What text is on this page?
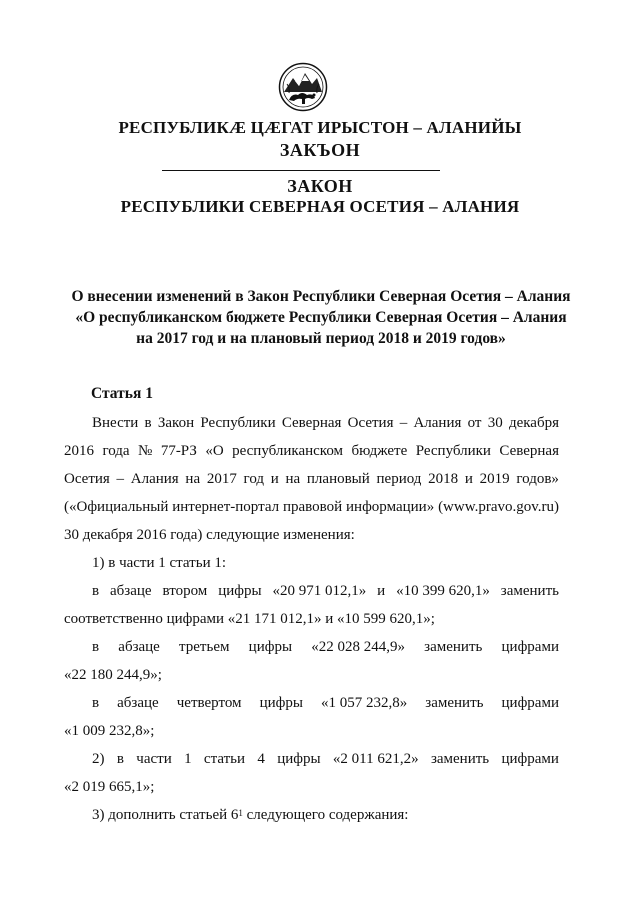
РЕСПУБЛИКÆ ЦÆГАТ ИРЫСТОН – АЛАНИЙЫ
ЗАКЪОН
ЗАКОН
РЕСПУБЛИКИ СЕВЕРНАЯ ОСЕТИЯ – АЛАНИЯ
О внесении изменений в Закон Республики Северная Осетия – Алания
«О республиканском бюджете Республики Северная Осетия – Алания
на 2017 год и на плановый период 2018 и 2019 годов»
Статья 1
Внести в Закон Республики Северная Осетия – Алания от 30 декабря
2016 года № 77-РЗ «О республиканском бюджете Республики Северная
Осетия – Алания на 2017 год и на плановый период 2018 и 2019 годов»
(«Официальный интернет-портал правовой информации» (www.pravo.gov.ru)
30 декабря 2016 года) следующие изменения:
1) в части 1 статьи 1:
в абзаце втором цифры «20 971 012,1» и «10 399 620,1» заменить
соответственно цифрами «21 171 012,1» и «10 599 620,1»;
в абзаце третьем цифры «22 028 244,9» заменить цифрами
«22 180 244,9»;
в абзаце четвертом цифры «1 057 232,8» заменить цифрами
«1 009 232,8»;
2) в части 1 статьи 4 цифры «2 011 621,2» заменить цифрами
«2 019 665,1»;
3) дополнить статьей $6^1$ следующего содержания:
